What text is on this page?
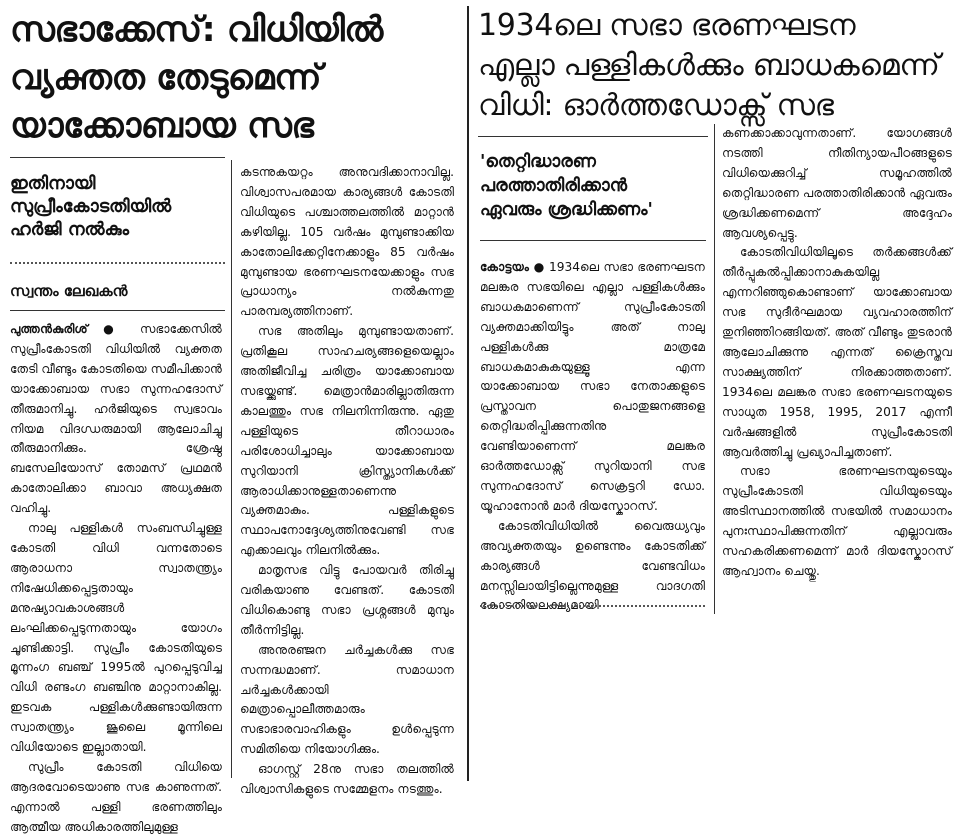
സഭാക്കേസ്: വിധിയിൽ

വ്യക്തത തേടുമെന്ന്

യാക്കോബായ സഭ

ഇതിനായി

സുപ്രീംകോടതിയിൽ

ഹർജി നൽകും

സ്വന്തം ലേഖകൻ

പുത്തൻകുരിശ് ● സഭാക്കേസിൽ സുപ്രീംകോടതി വിധിയിൽ വ്യക്തത തേടി വീണ്ടും കോടതിയെ സമീപിക്കാൻ യാക്കോബായ സഭാ സുന്നഹദോസ് തീരുമാനിച്ചു. ഹർജിയുടെ സ്വഭാവം നിയമ വിദഗ്ധരുമായി ആലോചിച്ചു തീരുമാനിക്കും. ശ്രേഷ്ഠ ബസേലിയോസ് തോമസ് പ്രഥമൻ കാതോലിക്കാ ബാവാ അധ്യക്ഷത വഹിച്ചു.

നാലു പള്ളികൾ സംബന്ധിച്ചുള്ള കോടതി വിധി വന്നതോടെ ആരാധനാ സ്വാതന്ത്ര്യം നിഷേധിക്കപ്പെട്ടതായും മനുഷ്യാവകാശങ്ങൾ ലംഘിക്കപ്പെടുന്നതായും യോഗം ചൂണ്ടിക്കാട്ടി. സുപ്രീം കോടതിയുടെ മൂന്നംഗ ബഞ്ച് 1995ൽ പുറപ്പെടുവിച്ച വിധി രണ്ടംഗ ബഞ്ചിനു മാറ്റാനാകില്ല. ഇടവക പള്ളികൾക്കുണ്ടായിരുന്ന സ്വാതന്ത്ര്യം ജൂലൈ മൂന്നിലെ വിധിയോടെ ഇല്ലാതായി.

സുപ്രീം കോടതി വിധിയെ ആദരവോടെയാണു സഭ കാണുന്നത്. എന്നാൽ പള്ളി ഭരണത്തിലും ആത്മീയ അധികാരത്തിലുമുള്ള

കടന്നുകയറ്റം അനുവദിക്കാനാവില്ല. വിശ്വാസപരമായ കാര്യങ്ങൾ കോടതി വിധിയുടെ പശ്ചാത്തലത്തിൽ മാറ്റാൻ കഴിയില്ല. 105 വർഷം മുമ്പുണ്ടാക്കിയ കാതോലിക്കേറ്റിനേക്കാളും 85 വർഷം മുമ്പുണ്ടായ ഭരണഘടനയേക്കാളും സഭ പ്രാധാന്യം നൽകുന്നതു പാരമ്പര്യത്തിനാണ്.

സഭ അതിലും മുമ്പുണ്ടായതാണ്. പ്രതികൂല സാഹചര്യങ്ങളെയെല്ലാം അതിജീവിച്ച ചരിത്രം യാക്കോബായ സഭയ്ക്കുണ്ട്. മെത്രാൻമാരില്ലാതിരുന്ന കാലത്തും സഭ നിലനിന്നിരുന്നു. ഏതു പള്ളിയുടെ തീറാധാരം പരിശോധിച്ചാലും യാക്കോബായ സുറിയാനി ക്രിസ്ത്യാനികൾക്ക് ആരാധിക്കാനുള്ളതാണെന്നു വ്യക്തമാകും. പള്ളികളുടെ സ്ഥാപനോദ്ദേശ്യത്തിനുവേണ്ടി സഭ എക്കാലവും നിലനിൽക്കും.

മാതൃസഭ വിട്ടു പോയവർ തിരിച്ചു വരികയാണു വേണ്ടത്. കോടതി വിധികൊണ്ടു സഭാ പ്രശ്നങ്ങൾ മുമ്പും തീർന്നിട്ടില്ല.

അനുരഞ്ജന ചർച്ചകൾക്കു സഭ സന്നദ്ധമാണ്. സമാധാന ചർച്ചകൾക്കായി മെത്രാപ്പൊലീത്തമാരും സഭാഭാരവാഹികളും ഉൾപ്പെടുന്ന സമിതിയെ നിയോഗിക്കും.

ഓഗസ്റ്റ് 28നു സഭാ തലത്തിൽ വിശ്വാസികളുടെ സമ്മേളനം നടത്തും.

1934ലെ സഭാ ഭരണഘടന

എല്ലാ പള്ളികൾക്കും ബാധകമെന്ന്

വിധി: ഓർത്തഡോക്സ് സഭ

'തെറ്റിദ്ധാരണ

പരത്താതിരിക്കാൻ

ഏവരും ശ്രദ്ധിക്കണം'

കോട്ടയം ● 1934ലെ സഭാ ഭരണഘടന മലങ്കര സഭയിലെ എല്ലാ പള്ളികൾക്കും ബാധകമാണെന്ന് സുപ്രീംകോടതി വ്യക്തമാക്കിയിട്ടും അത് നാലു പള്ളികൾക്കു മാത്രമേ ബാധകമാകുകയുള്ളൂ എന്ന യാക്കോബായ സഭാ നേതാക്കളുടെ പ്രസ്താവന പൊതുജനങ്ങളെ തെറ്റിദ്ധരിപ്പിക്കുന്നതിനു വേണ്ടിയാണെന്ന് മലങ്കര ഓർത്തഡോക്സ് സുറിയാനി സഭ സുന്നഹദോസ് സെക്രട്ടറി ഡോ. യൂഹാനോൻ മാർ ദിയസ്കോറസ്.

കോടതിവിധിയിൽ വൈരുധ്യവും അവ്യക്തതയും ഉണ്ടെന്നും കോടതിക്ക് കാര്യങ്ങൾ വേണ്ടവിധം മനസ്സിലായിട്ടില്ലെന്നുമുള്ള വാദഗതി കോടതിയലക്ഷ്യമായി

കണക്കാക്കാവുന്നതാണ്. യോഗങ്ങൾ നടത്തി നീതിന്യായപീഠങ്ങളുടെ വിധിയെക്കുറിച്ച് സമൂഹത്തിൽ തെറ്റിദ്ധാരണ പരത്താതിരിക്കാൻ ഏവരും ശ്രദ്ധിക്കണമെന്ന് അദ്ദേഹം ആവശ്യപ്പെട്ടു.

കോടതിവിധിയിലൂടെ തർക്കങ്ങൾക്ക് തീർപ്പുകൽപ്പിക്കാനാകുകയില്ല എന്നറിഞ്ഞുകൊണ്ടാണ് യാക്കോബായ സഭ സുദീർഘമായ വ്യവഹാരത്തിന് തുനിഞ്ഞിറങ്ങിയത്. അത് വീണ്ടും തുടരാൻ ആലോചിക്കുന്നു എന്നത് ക്രൈസ്തവ സാക്ഷ്യത്തിന് നിരക്കാത്തതാണ്. 1934ലെ മലങ്കര സഭാ ഭരണഘടനയുടെ സാധുത 1958, 1995, 2017 എന്നീ വർഷങ്ങളിൽ സുപ്രീംകോടതി ആവർത്തിച്ചു പ്രഖ്യാപിച്ചതാണ്.

സഭാ ഭരണഘടനയുടെയും സുപ്രീംകോടതി വിധിയുടെയും അടിസ്ഥാനത്തിൽ സഭയിൽ സമാധാനം പുനഃസ്ഥാപിക്കുന്നതിന് എല്ലാവരും സഹകരിക്കണമെന്ന് മാർ ദിയസ്കോറസ് ആഹ്വാനം ചെയ്തു.
